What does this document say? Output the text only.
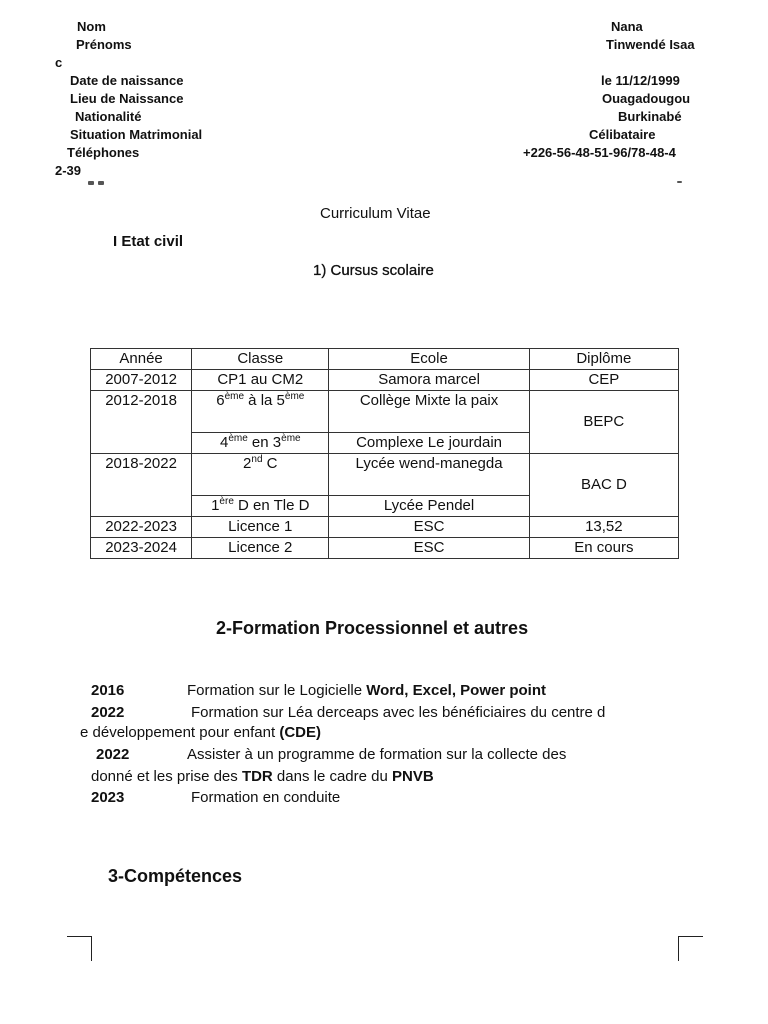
Nom	Nana
Prénoms	Tinwendé Isaa
c
Date de naissance	le 11/12/1999
Lieu de Naissance	Ouagadougou
Nationalité	Burkinabé
Situation Matrimonial	Célibataire
Téléphones	+226-56-48-51-96/78-48-4
2-39
Curriculum Vitae
I Etat civil
1) Cursus scolaire
Année	Classe	Ecole	Diplôme
2007-2012	CP1 au CM2	Samora marcel	CEP
2012-2018	6ème à la 5ème	Collège Mixte la paix	BEPC
	4ème en 3ème	Complexe Le jourdain	
2018-2022	2nd C	Lycée wend-manegda	BAC D
	1ère D en Tle D	Lycée Pendel	
2022-2023	Licence 1	ESC	13,52
2023-2024	Licence 2	ESC	En cours
2-Formation Processionnel et autres
2016	Formation sur le Logicielle Word, Excel, Power point
2022	Formation sur Léa derceaps avec les bénéficiaires du centre d
e développement pour enfant (CDE)
2022	Assister à un programme de formation sur la collecte des
donné et les prise des TDR dans le cadre du PNVB
2023	Formation en conduite
3-Compétences
